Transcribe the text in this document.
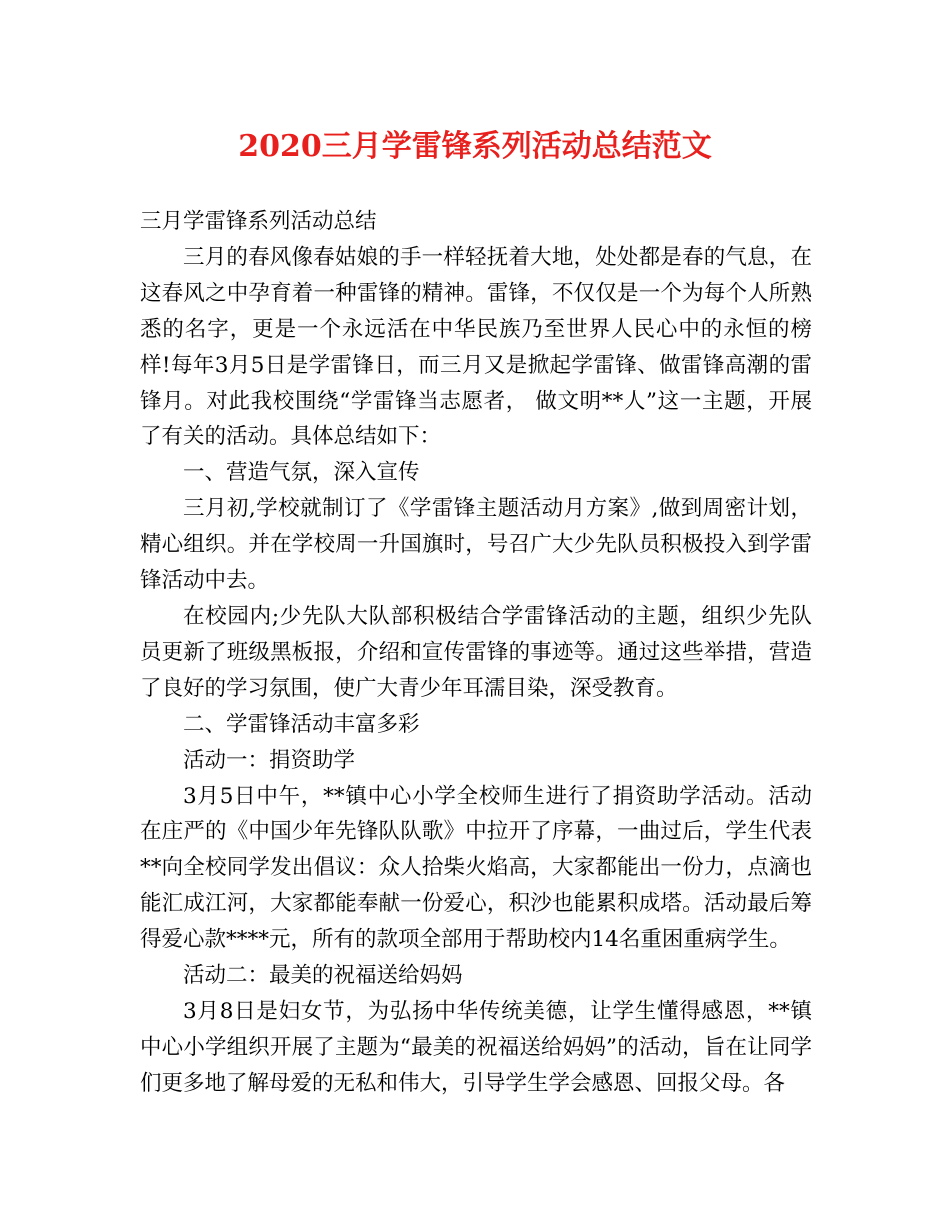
2020三月学雷锋系列活动总结范文

三月学雷锋系列活动总结

三月的春风像春姑娘的手一样轻抚着大地，处处都是春的气息，在这春风之中孕育着一种雷锋的精神。雷锋，不仅仅是一个为每个人所熟悉的名字，更是一个永远活在中华民族乃至世界人民心中的永恒的榜样!每年3月5日是学雷锋日，而三月又是掀起学雷锋、做雷锋高潮的雷锋月。对此我校围绕“学雷锋当志愿者， 做文明**人”这一主题，开展了有关的活动。具体总结如下：

一、营造气氛，深入宣传

三月初,学校就制订了《学雷锋主题活动月方案》,做到周密计划，精心组织。并在学校周一升国旗时，号召广大少先队员积极投入到学雷锋活动中去。

在校园内;少先队大队部积极结合学雷锋活动的主题，组织少先队员更新了班级黑板报，介绍和宣传雷锋的事迹等。通过这些举措，营造了良好的学习氛围，使广大青少年耳濡目染，深受教育。

二、学雷锋活动丰富多彩

活动一：捐资助学

3月5日中午，**镇中心小学全校师生进行了捐资助学活动。活动在庄严的《中国少年先锋队队歌》中拉开了序幕，一曲过后，学生代表**向全校同学发出倡议：众人拾柴火焰高，大家都能出一份力，点滴也能汇成江河，大家都能奉献一份爱心，积沙也能累积成塔。活动最后筹得爱心款****元，所有的款项全部用于帮助校内14名重困重病学生。

活动二：最美的祝福送给妈妈

3月8日是妇女节，为弘扬中华传统美德，让学生懂得感恩，**镇中心小学组织开展了主题为“最美的祝福送给妈妈”的活动，旨在让同学们更多地了解母爱的无私和伟大，引导学生学会感恩、回报父母。各
